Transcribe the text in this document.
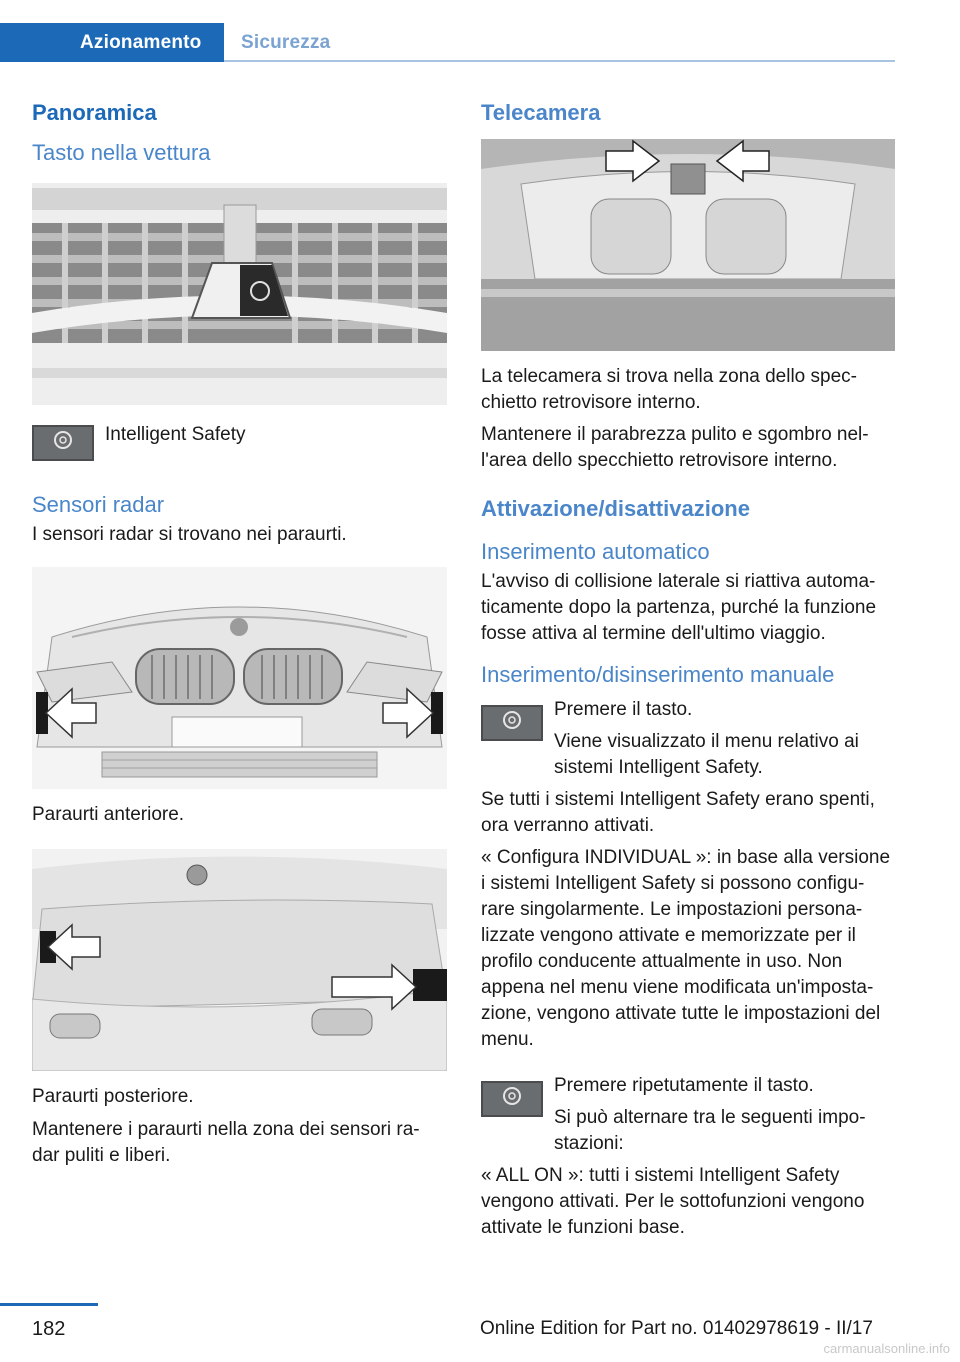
Azionamento Sicurezza
Panoramica
Tasto nella vettura
Intelligent Safety
Sensori radar
I sensori radar si trovano nei paraurti.
Paraurti anteriore.
Paraurti posteriore.
Mantenere i paraurti nella zona dei sensori ra-dar puliti e liberi.
Telecamera
La telecamera si trova nella zona dello spec-chietto retrovisore interno.
Mantenere il parabrezza pulito e sgombro nel-l'area dello specchietto retrovisore interno.
Attivazione/disattivazione
Inserimento automatico
L'avviso di collisione laterale si riattiva automa-ticamente dopo la partenza, purché la funzione fosse attiva al termine dell'ultimo viaggio.
Inserimento/disinserimento manuale
Premere il tasto.
Viene visualizzato il menu relativo ai sistemi Intelligent Safety.
Se tutti i sistemi Intelligent Safety erano spenti, ora verranno attivati.
« Configura INDIVIDUAL »: in base alla versione i sistemi Intelligent Safety si possono configu-rare singolarmente. Le impostazioni persona-lizzate vengono attivate e memorizzate per il profilo conducente attualmente in uso. Non appena nel menu viene modificata un'imposta-zione, vengono attivate tutte le impostazioni del menu.
Premere ripetutamente il tasto.
Si può alternare tra le seguenti impo-stazioni:
« ALL ON »: tutti i sistemi Intelligent Safety vengono attivati. Per le sottofunzioni vengono attivate le funzioni base.
182	Online Edition for Part no. 01402978619 - II/17
carmanualsonline.info
